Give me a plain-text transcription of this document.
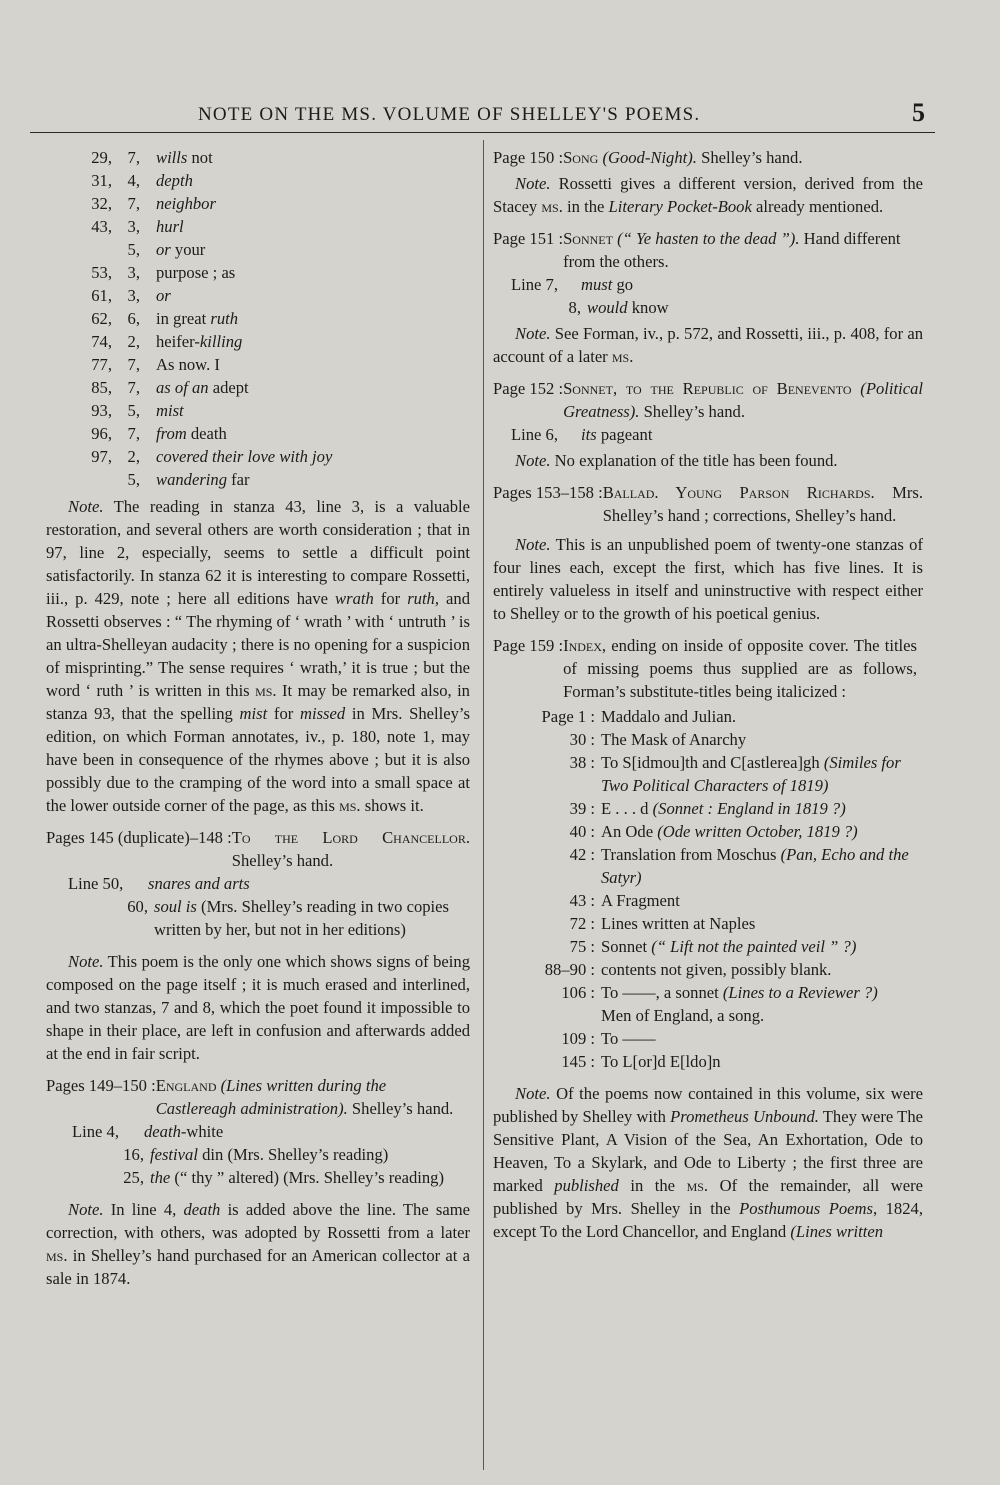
NOTE ON THE MS. VOLUME OF SHELLEY'S POEMS.	5
29, 7, wills not
31, 4, depth
32, 7, neighbor
43, 3, hurl
5, or your
53, 3, purpose ; as
61, 3, or
62, 6, in great ruth
74, 2, heifer-killing
77, 7, As now. I
85, 7, as of an adept
93, 5, mist
96, 7, from death
97, 2, covered their love with joy
5, wandering far

Note. The reading in stanza 43, line 3, is a valuable restoration, and several others are worth consideration ; that in 97, line 2, especially, seems to settle a difficult point satisfactorily. In stanza 62 it is interesting to compare Rossetti, iii., p. 429, note ; here all editions have wrath for ruth, and Rossetti observes : “ The rhyming of ‘ wrath ’ with ‘ untruth ’ is an ultra-Shelleyan audacity ; there is no opening for a suspicion of misprinting.” The sense requires ‘ wrath,’ it is true ; but the word ‘ ruth ’ is written in this ms. It may be remarked also, in stanza 93, that the spelling mist for missed in Mrs. Shelley’s edition, on which Forman annotates, iv., p. 180, note 1, may have been in consequence of the rhymes above ; but it is also possibly due to the cramping of the word into a small space at the lower outside corner of the page, as this ms. shows it.

Pages 145 (duplicate)–148 : To the Lord Chancellor. Shelley’s hand.
Line 50,	snares and arts
60, soul is (Mrs. Shelley’s reading in two copies written by her, but not in her editions)

Note. This poem is the only one which shows signs of being composed on the page itself ; it is much erased and interlined, and two stanzas, 7 and 8, which the poet found it impossible to shape in their place, are left in confusion and afterwards added at the end in fair script.

Pages 149–150 : England (Lines written during the Castlereagh administration). Shelley’s hand.
Line 4,	death-white
16, festival din (Mrs. Shelley’s reading)
25, the (“ thy ” altered) (Mrs. Shelley’s reading)

Note. In line 4, death is added above the line. The same correction, with others, was adopted by Rossetti from a later ms. in Shelley’s hand purchased for an American collector at a sale in 1874.

Page 150 : Song (Good-Night). Shelley’s hand.

Note. Rossetti gives a different version, derived from the Stacey ms. in the Literary Pocket-Book already mentioned.

Page 151 : Sonnet (“ Ye hasten to the dead ”). Hand different from the others.
Line 7,	must go
8, would know

Note. See Forman, iv., p. 572, and Rossetti, iii., p. 408, for an account of a later ms.

Page 152 : Sonnet, to the Republic of Benevento (Political Greatness). Shelley’s hand.
Line 6,	its pageant

Note. No explanation of the title has been found.

Pages 153–158 : Ballad. Young Parson Richards. Mrs. Shelley’s hand ; corrections, Shelley’s hand.

Note. This is an unpublished poem of twenty-one stanzas of four lines each, except the first, which has five lines. It is entirely valueless in itself and uninstructive with respect either to Shelley or to the growth of his poetical genius.

Page 159 : Index, ending on inside of opposite cover. The titles of missing poems thus supplied are as follows, Forman’s substitute-titles being italicized :
Page 1 : Maddalo and Julian.
30 : The Mask of Anarchy
38 : To S[idmou]th and C[astlerea]gh (Similes for Two Political Characters of 1819)
39 : E . . . d (Sonnet : England in 1819 ?)
40 : An Ode (Ode written October, 1819 ?)
42 : Translation from Moschus (Pan, Echo and the Satyr)
43 : A Fragment
72 : Lines written at Naples
75 : Sonnet (“ Lift not the painted veil ” ?)
88–90 : contents not given, possibly blank.
106 : To ——, a sonnet (Lines to a Reviewer ?)
Men of England, a song.
109 : To ——
145 : To L[or]d E[ldo]n

Note. Of the poems now contained in this volume, six were published by Shelley with Prometheus Unbound. They were The Sensitive Plant, A Vision of the Sea, An Exhortation, Ode to Heaven, To a Skylark, and Ode to Liberty ; the first three are marked published in the ms. Of the remainder, all were published by Mrs. Shelley in the Posthumous Poems, 1824, except To the Lord Chancellor, and England (Lines written
